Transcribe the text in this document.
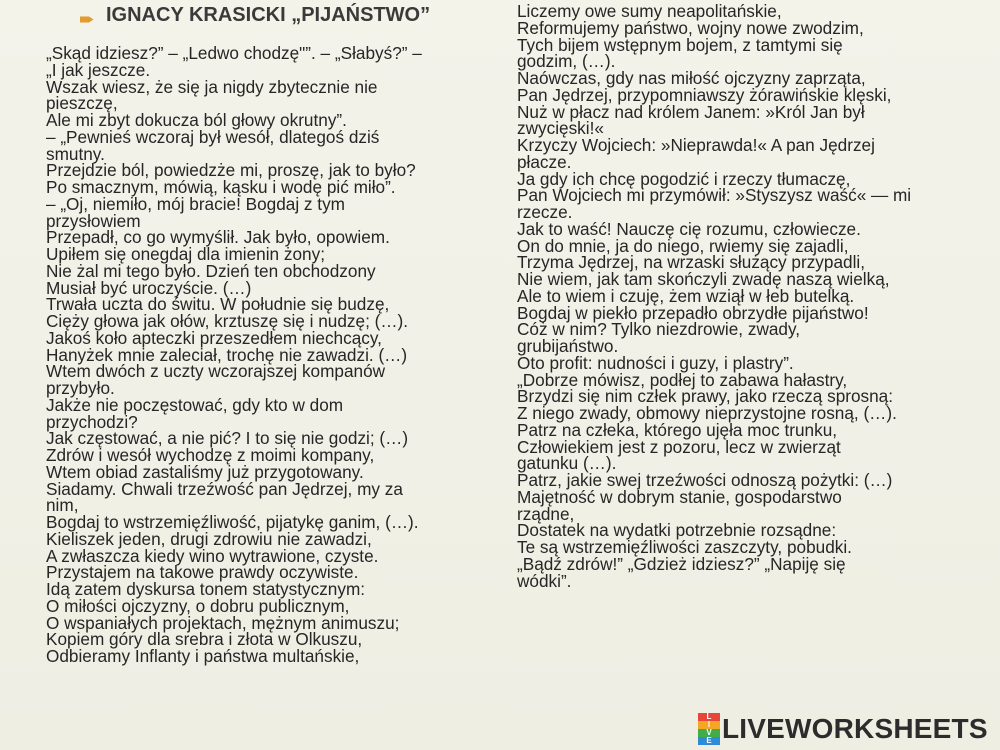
IGNACY KRASICKI „PIJAŃSTWO”
„Skąd idziesz?” – „Ledwo chodzę"”. – „Słabyś?” –
„I jak jeszcze.
Wszak wiesz, że się ja nigdy zbytecznie nie
pieszczę,
Ale mi zbyt dokucza ból głowy okrutny”.
– „Pewnieś wczoraj był wesół, dlategoś dziś
smutny.
Przejdzie ból, powiedzże mi, proszę, jak to było?
Po smacznym, mówią, kąsku i wodę pić miło”.
– „Oj, niemiło, mój bracie! Bogdaj z tym
przysłowiem
Przepadł, co go wymyślił. Jak było, opowiem.
Upiłem się onegdaj dla imienin żony;
Nie żal mi tego było. Dzień ten obchodzony
Musiał być uroczyście. (…)
Trwała uczta do świtu. W południe się budzę,
Cięży głowa jak ołów, krztuszę się i nudzę; (…).
Jakoś koło apteczki przeszedłem niechcący,
Hanyżek mnie zaleciał, trochę nie zawadzi. (…)
Wtem dwóch z uczty wczorajszej kompanów
przybyło.
Jakże nie poczęstować, gdy kto w dom
przychodzi?
Jak częstować, a nie pić? I to się nie godzi; (…)
Zdrów i wesół wychodzę z moimi kompany,
Wtem obiad zastaliśmy już przygotowany.
Siadamy. Chwali trzeźwość pan Jędrzej, my za
nim,
Bogdaj to wstrzemięźliwość, pijatykę ganim, (…).
Kieliszek jeden, drugi zdrowiu nie zawadzi,
A zwłaszcza kiedy wino wytrawione, czyste.
Przystajem na takowe prawdy oczywiste.
Idą zatem dyskursa tonem statystycznym:
O miłości ojczyzny, o dobru publicznym,
O wspaniałych projektach, mężnym animuszu;
Kopiem góry dla srebra i złota w Olkuszu,
Odbieramy Inflanty i państwa multańskie,
Liczemy owe sumy neapolitańskie,
Reformujemy państwo, wojny nowe zwodzim,
Tych bijem wstępnym bojem, z tamtymi się
godzim, (…).
Naówczas, gdy nas miłość ojczyzny zaprząta,
Pan Jędrzej, przypomniawszy żórawińskie klęski,
Nuż w płacz nad królem Janem: »Król Jan był
zwycięski!«
Krzyczy Wojciech: »Nieprawda!« A pan Jędrzej
płacze.
Ja gdy ich chcę pogodzić i rzeczy tłumaczę,
Pan Wojciech mi przymówił: »Styszysz waść« — mi
rzecze.
Jak to waść! Nauczę cię rozumu, człowiecze.
On do mnie, ja do niego, rwiemy się zajadli,
Trzyma Jędrzej, na wrzaski służący przypadli,
Nie wiem, jak tam skończyli zwadę naszą wielką,
Ale to wiem i czuję, żem wziął w łeb butelką.
Bogdaj w piekło przepadło obrzydłe pijaństwo!
Cóż w nim? Tylko niezdrowie, zwady,
grubijaństwo.
Oto profit: nudności i guzy, i plastry”.
„Dobrze mówisz, podłej to zabawa hałastry,
Brzydzi się nim człek prawy, jako rzeczą sprosną:
Z niego zwady, obmowy nieprzystojne rosną, (…).
Patrz na człeka, którego ujęła moc trunku,
Człowiekiem jest z pozoru, lecz w zwierząt
gatunku (…).
Patrz, jakie swej trzeźwości odnoszą pożytki: (…)
Majętność w dobrym stanie, gospodarstwo
rządne,
Dostatek na wydatki potrzebnie rozsądne:
Te są wstrzemięźliwości zaszczyty, pobudki.
„Bądź zdrów!” „Gdzież idziesz?” „Napiję się
wódki”.
L
I
V
E LIVEWORKSHEETS
